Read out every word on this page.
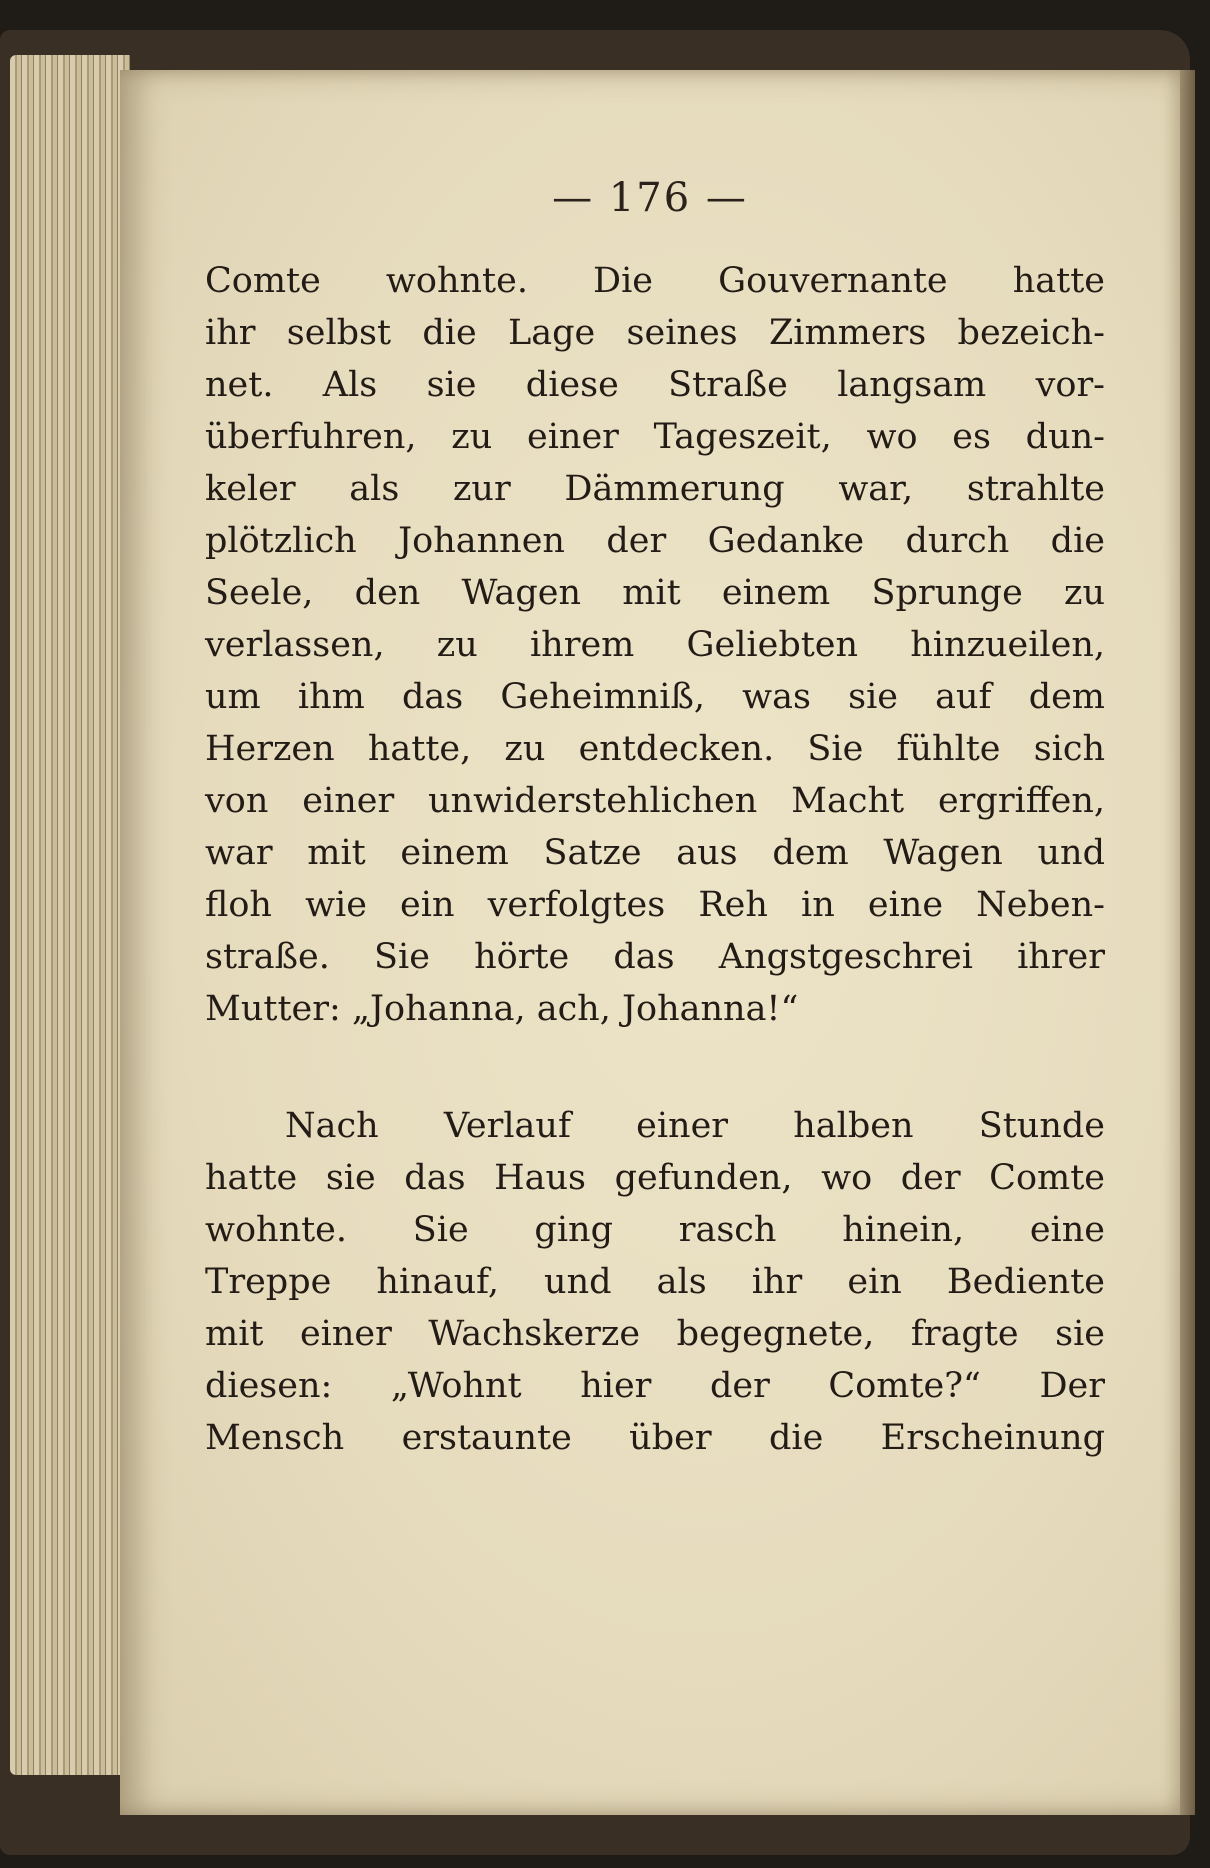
— 176 —
Comte wohnte. Die Gouvernante hatte
ihr selbst die Lage seines Zimmers bezeich-
net. Als sie diese Straße langsam vor-
überfuhren, zu einer Tageszeit, wo es dun-
keler als zur Dämmerung war, strahlte
plötzlich Johannen der Gedanke durch die
Seele, den Wagen mit einem Sprunge zu
verlassen, zu ihrem Geliebten hinzueilen,
um ihm das Geheimniß, was sie auf dem
Herzen hatte, zu entdecken. Sie fühlte sich
von einer unwiderstehlichen Macht ergriffen,
war mit einem Satze aus dem Wagen und
floh wie ein verfolgtes Reh in eine Neben-
straße. Sie hörte das Angstgeschrei ihrer
Mutter: „Johanna, ach, Johanna!“
Nach Verlauf einer halben Stunde
hatte sie das Haus gefunden, wo der Comte
wohnte. Sie ging rasch hinein, eine
Treppe hinauf, und als ihr ein Bediente
mit einer Wachskerze begegnete, fragte sie
diesen: „Wohnt hier der Comte?“ Der
Mensch erstaunte über die Erscheinung
